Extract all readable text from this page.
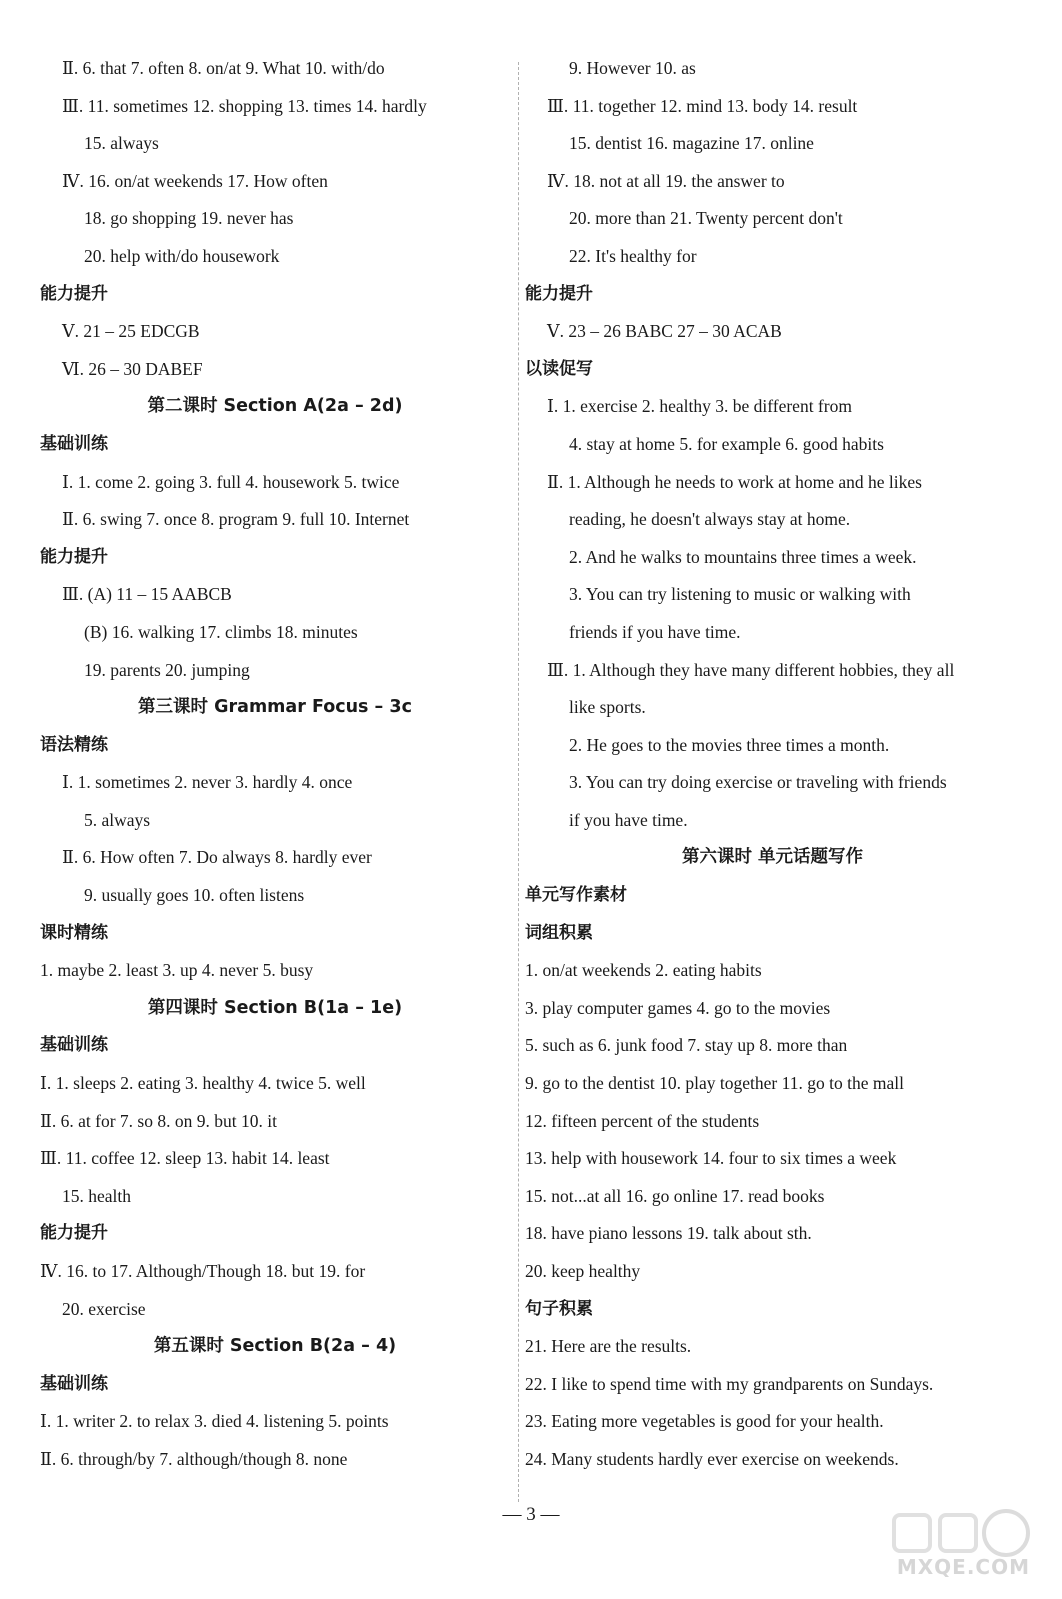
Ⅱ. 6. that 7. often 8. on/at 9. What 10. with/do
Ⅲ. 11. sometimes 12. shopping 13. times 14. hardly
15. always
Ⅳ. 16. on/at weekends 17. How often
18. go shopping 19. never has
20. help with/do housework
能力提升
Ⅴ. 21 – 25 EDCGB
Ⅵ. 26 – 30 DABEF
第二课时 Section A(2a – 2d)
基础训练
Ⅰ. 1. come 2. going 3. full 4. housework 5. twice
Ⅱ. 6. swing 7. once 8. program 9. full 10. Internet
能力提升
Ⅲ. (A) 11 – 15 AABCB
(B) 16. walking 17. climbs 18. minutes
19. parents 20. jumping
第三课时 Grammar Focus – 3c
语法精练
Ⅰ. 1. sometimes 2. never 3. hardly 4. once
5. always
Ⅱ. 6. How often 7. Do always 8. hardly ever
9. usually goes 10. often listens
课时精练
1. maybe 2. least 3. up 4. never 5. busy
第四课时 Section B(1a – 1e)
基础训练
Ⅰ. 1. sleeps 2. eating 3. healthy 4. twice 5. well
Ⅱ. 6. at for 7. so 8. on 9. but 10. it
Ⅲ. 11. coffee 12. sleep 13. habit 14. least
15. health
能力提升
Ⅳ. 16. to 17. Although/Though 18. but 19. for
20. exercise
第五课时 Section B(2a – 4)
基础训练
Ⅰ. 1. writer 2. to relax 3. died 4. listening 5. points
Ⅱ. 6. through/by 7. although/though 8. none
9. However 10. as
Ⅲ. 11. together 12. mind 13. body 14. result
15. dentist 16. magazine 17. online
Ⅳ. 18. not at all 19. the answer to
20. more than 21. Twenty percent don't
22. It's healthy for
能力提升
Ⅴ. 23 – 26 BABC 27 – 30 ACAB
以读促写
Ⅰ. 1. exercise 2. healthy 3. be different from
4. stay at home 5. for example 6. good habits
Ⅱ. 1. Although he needs to work at home and he likes
reading, he doesn't always stay at home.
2. And he walks to mountains three times a week.
3. You can try listening to music or walking with
friends if you have time.
Ⅲ. 1. Although they have many different hobbies, they all
like sports.
2. He goes to the movies three times a month.
3. You can try doing exercise or traveling with friends
if you have time.
第六课时 单元话题写作
单元写作素材
词组积累
1. on/at weekends 2. eating habits
3. play computer games 4. go to the movies
5. such as 6. junk food 7. stay up 8. more than
9. go to the dentist 10. play together 11. go to the mall
12. fifteen percent of the students
13. help with housework 14. four to six times a week
15. not...at all 16. go online 17. read books
18. have piano lessons 19. talk about sth.
20. keep healthy
句子积累
21. Here are the results.
22. I like to spend time with my grandparents on Sundays.
23. Eating more vegetables is good for your health.
24. Many students hardly ever exercise on weekends.
— 3 —
MXQE.COM
